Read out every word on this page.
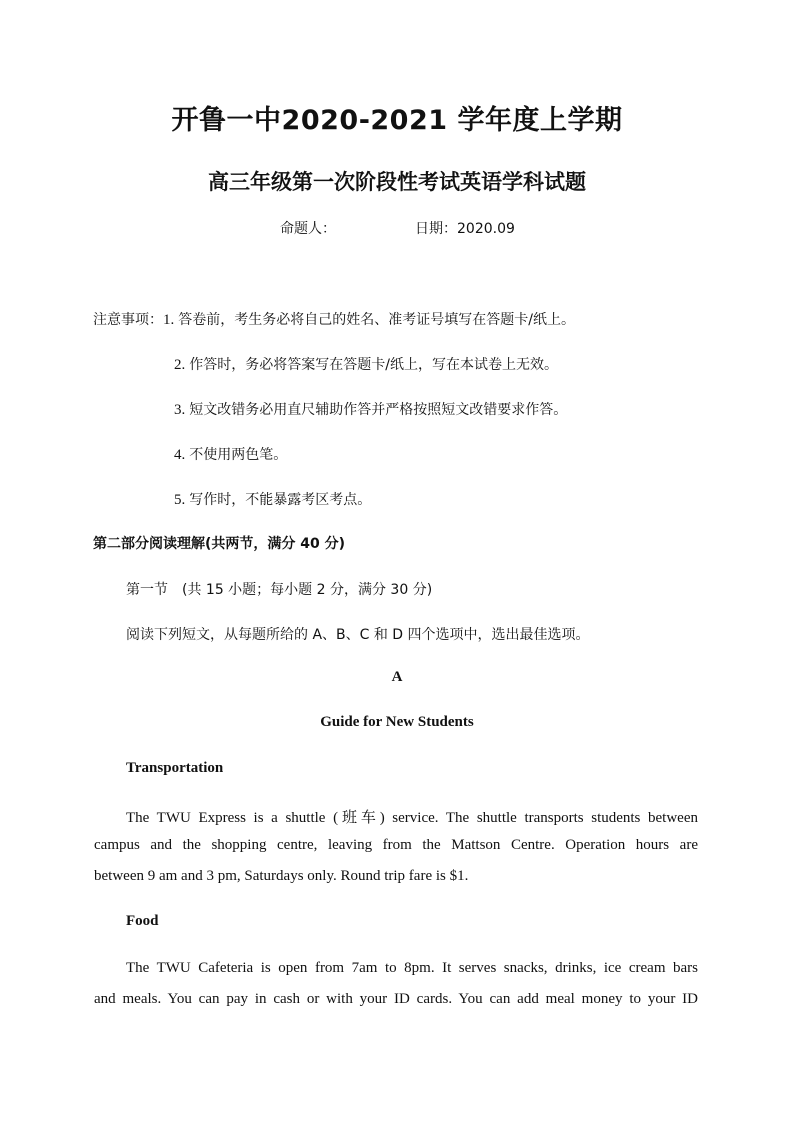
开鲁一中2020-2021 学年度上学期
高三年级第一次阶段性考试英语学科试题
命题人：	日期：2020.09
注意事项：1. 答卷前，考生务必将自己的姓名、准考证号填写在答题卡/纸上。
2. 作答时，务必将答案写在答题卡/纸上，写在本试卷上无效。
3. 短文改错务必用直尺辅助作答并严格按照短文改错要求作答。
4. 不使用两色笔。
5. 写作时，不能暴露考区考点。
第二部分阅读理解(共两节，满分 40 分)
第一节　(共 15 小题；每小题 2 分，满分 30 分)
阅读下列短文，从每题所给的 A、B、C 和 D 四个选项中，选出最佳选项。
A
Guide for New Students
Transportation
The TWU Express is a shuttle (班车) service. The shuttle transports students between
campus and the shopping centre, leaving from the Mattson Centre. Operation hours are
between 9 am and 3 pm, Saturdays only. Round trip fare is $1.
Food
The TWU Cafeteria is open from 7am to 8pm. It serves snacks, drinks, ice cream bars
and meals. You can pay in cash or with your ID cards. You can add meal money to your ID
